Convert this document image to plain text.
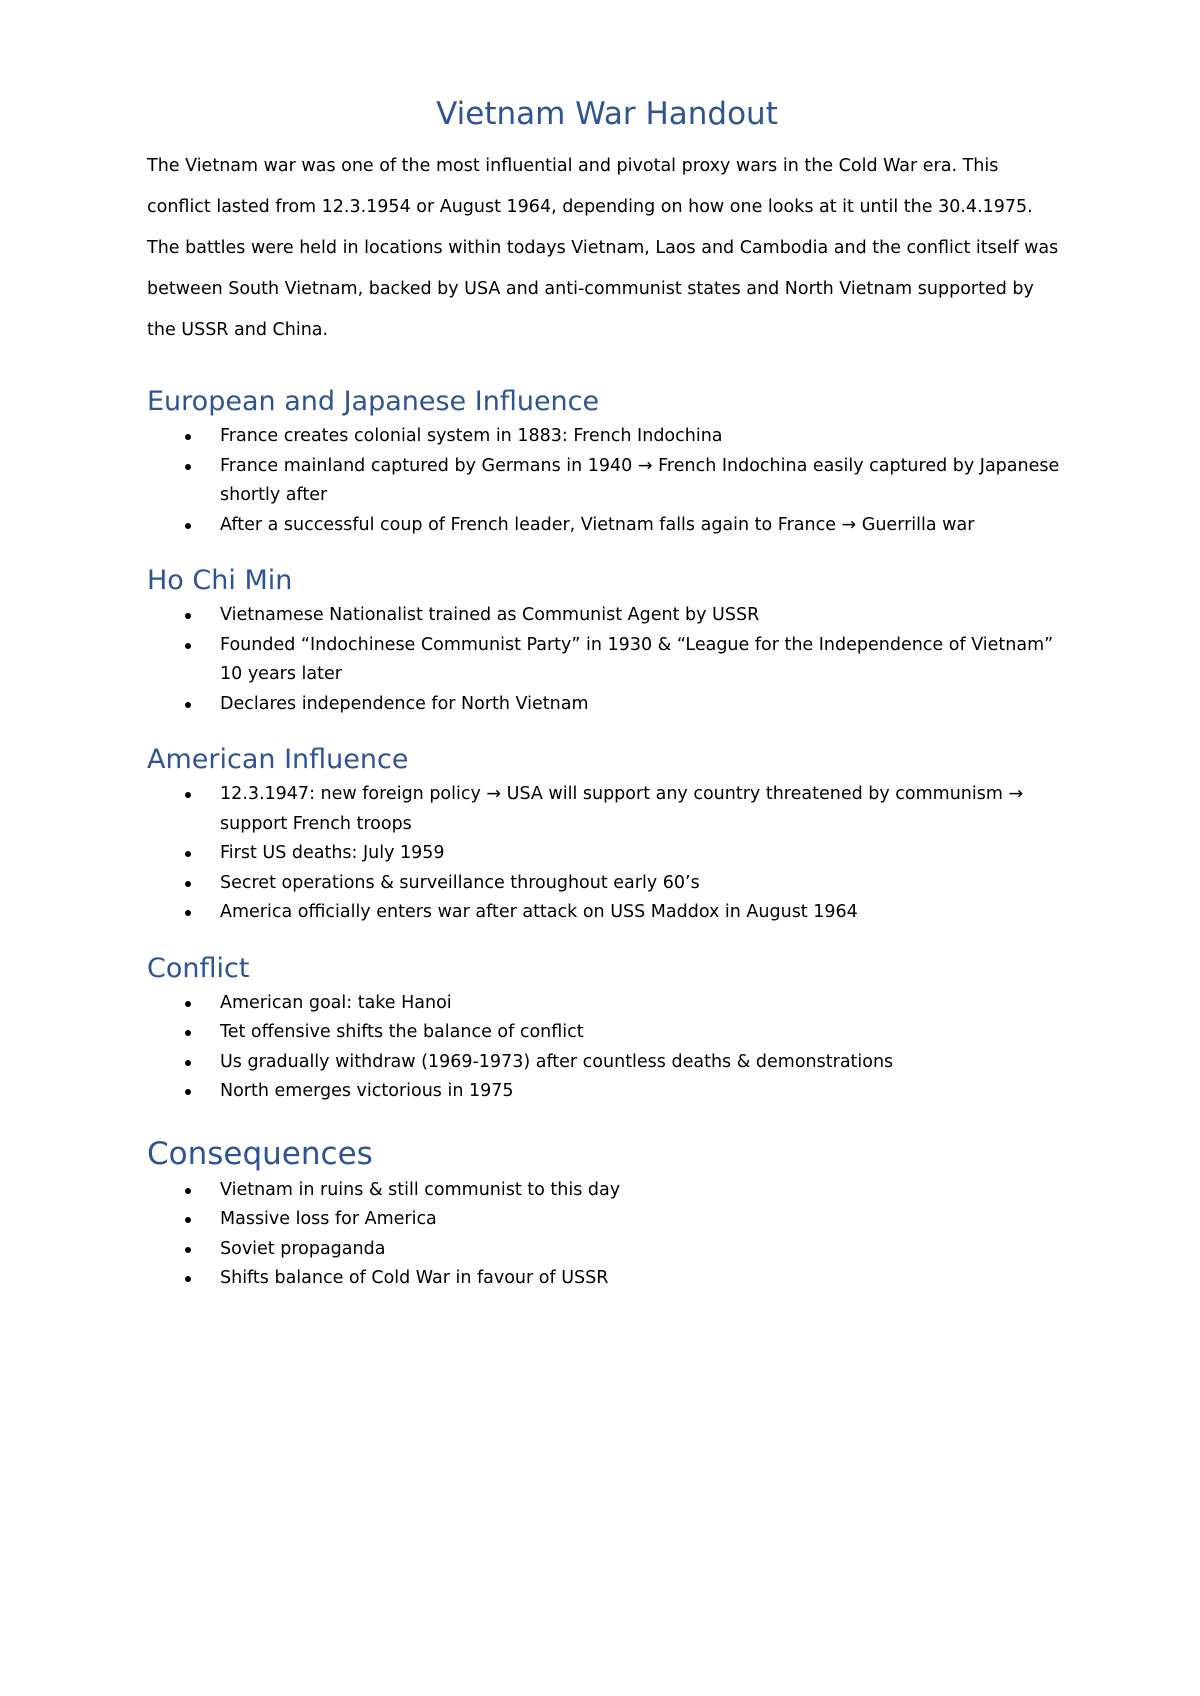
Vietnam War Handout

The Vietnam war was one of the most influential and pivotal proxy wars in the Cold War era. This conflict lasted from 12.3.1954 or August 1964, depending on how one looks at it until the 30.4.1975. The battles were held in locations within todays Vietnam, Laos and Cambodia and the conflict itself was between South Vietnam, backed by USA and anti-communist states and North Vietnam supported by the USSR and China.

European and Japanese Influence
France creates colonial system in 1883: French Indochina
France mainland captured by Germans in 1940 → French Indochina easily captured by Japanese shortly after
After a successful coup of French leader, Vietnam falls again to France → Guerrilla war
Ho Chi Min
Vietnamese Nationalist trained as Communist Agent by USSR
Founded “Indochinese Communist Party” in 1930 & “League for the Independence of Vietnam” 10 years later
Declares independence for North Vietnam
American Influence
12.3.1947: new foreign policy → USA will support any country threatened by communism → support French troops
First US deaths: July 1959
Secret operations & surveillance throughout early 60’s
America officially enters war after attack on USS Maddox in August 1964
Conflict
American goal: take Hanoi
Tet offensive shifts the balance of conflict
Us gradually withdraw (1969-1973) after countless deaths & demonstrations
North emerges victorious in 1975
Consequences
Vietnam in ruins & still communist to this day
Massive loss for America
Soviet propaganda
Shifts balance of Cold War in favour of USSR
